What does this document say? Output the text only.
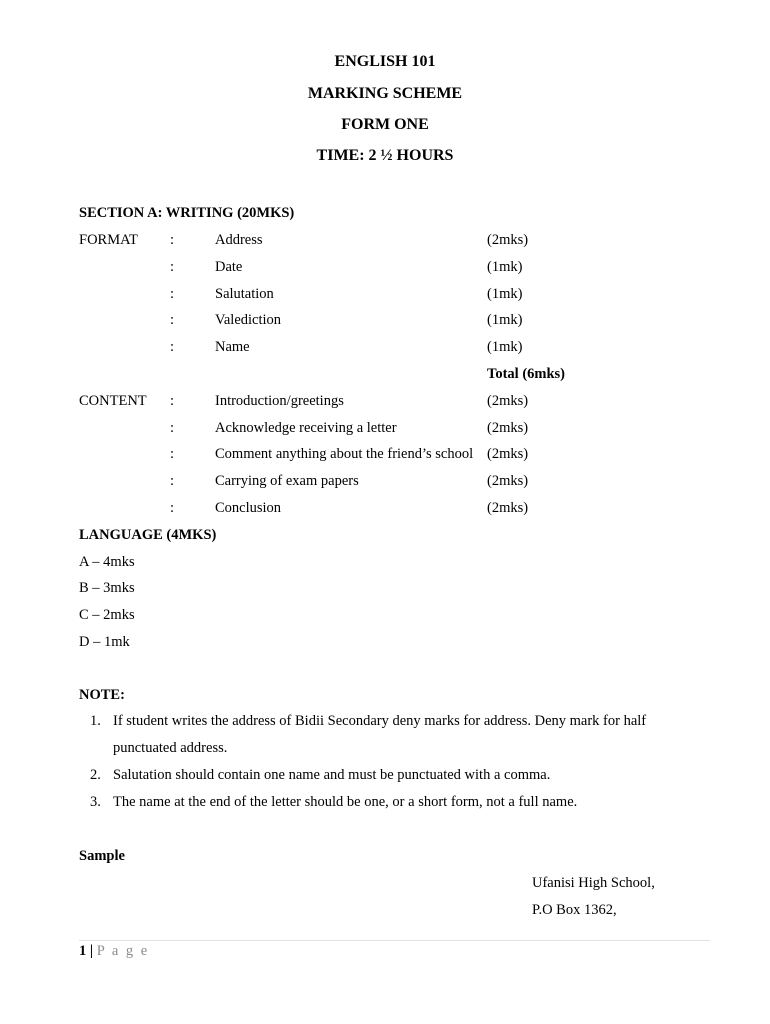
ENGLISH 101
MARKING SCHEME
FORM ONE
TIME: 2 ½ HOURS
SECTION A: WRITING (20MKS)
FORMAT :	Address	(2mks)
:	Date	(1mk)
:	Salutation	(1mk)
:	Valediction	(1mk)
:	Name	(1mk)
Total (6mks)
CONTENT :	Introduction/greetings	(2mks)
:	Acknowledge receiving a letter	(2mks)
:	Comment anything about the friend’s school (2mks)
:	Carrying of exam papers	(2mks)
:	Conclusion	(2mks)
LANGUAGE (4MKS)
A – 4mks
B – 3mks
C – 2mks
D – 1mk
NOTE:
1. If student writes the address of Bidii Secondary deny marks for address. Deny mark for half
punctuated address.
2. Salutation should contain one name and must be punctuated with a comma.
3. The name at the end of the letter should be one, or a short form, not a full name.
Sample
Ufanisi High School,
P.O Box 1362,
1 | P a g e
